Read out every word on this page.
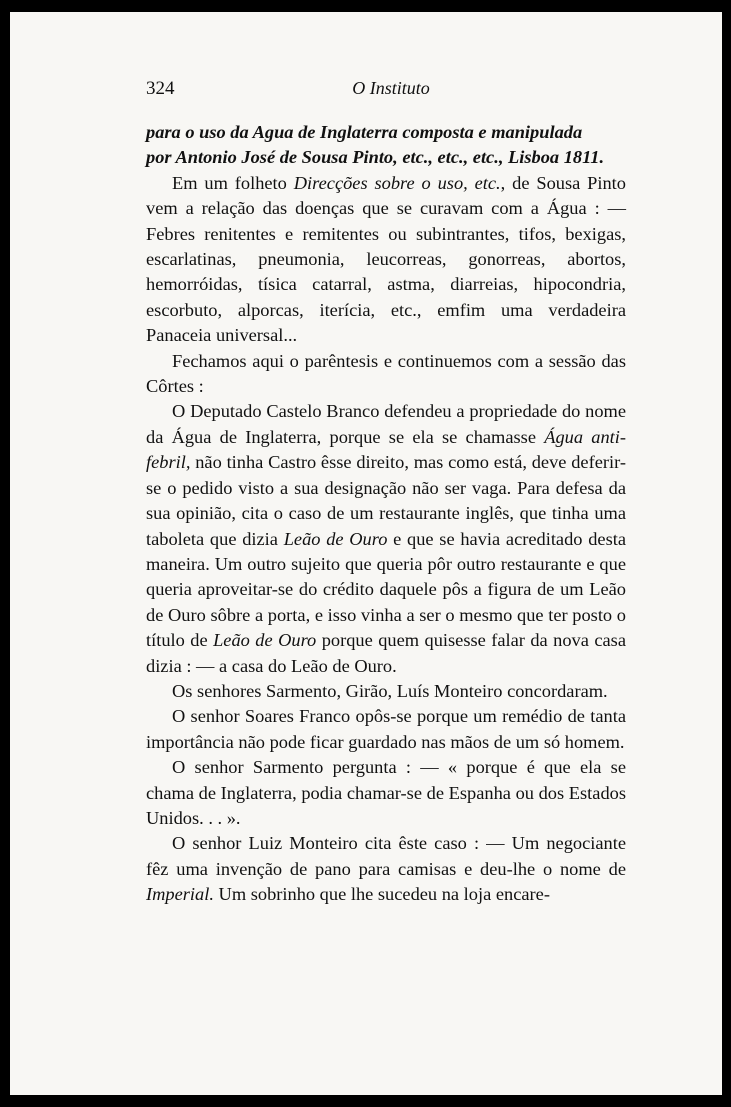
324	O Instituto

para o uso da Agua de Inglaterra composta e manipulada

por Antonio José de Sousa Pinto, etc., etc., etc., Lisboa 1811.

Em um folheto Direcções sobre o uso, etc., de Sousa Pinto vem a relação das doenças que se curavam com a Água : — Febres renitentes e remitentes ou subintrantes, tifos, bexigas, escarlatinas, pneumonia, leucorreas, gonorreas, abortos, hemorróidas, tísica catarral, astma, diarreias, hipocondria, escorbuto, alporcas, iterícia, etc., emfim uma verdadeira Panaceia universal...

Fechamos aqui o parêntesis e continuemos com a sessão das Côrtes :

O Deputado Castelo Branco defendeu a propriedade do nome da Água de Inglaterra, porque se ela se chamasse Água anti-febril, não tinha Castro êsse direito, mas como está, deve deferir-se o pedido visto a sua designação não ser vaga. Para defesa da sua opinião, cita o caso de um restaurante inglês, que tinha uma taboleta que dizia Leão de Ouro e que se havia acreditado desta maneira. Um outro sujeito que queria pôr outro restaurante e que queria aproveitar-se do crédito daquele pôs a figura de um Leão de Ouro sôbre a porta, e isso vinha a ser o mesmo que ter posto o título de Leão de Ouro porque quem quisesse falar da nova casa dizia : — a casa do Leão de Ouro.

Os senhores Sarmento, Girão, Luís Monteiro concordaram.

O senhor Soares Franco opôs-se porque um remédio de tanta importância não pode ficar guardado nas mãos de um só homem.

O senhor Sarmento pergunta : — « porque é que ela se chama de Inglaterra, podia chamar-se de Espanha ou dos Estados Unidos. . . ».

O senhor Luiz Monteiro cita êste caso : — Um negociante fêz uma invenção de pano para camisas e deu-lhe o nome de Imperial. Um sobrinho que lhe sucedeu na loja encare-
